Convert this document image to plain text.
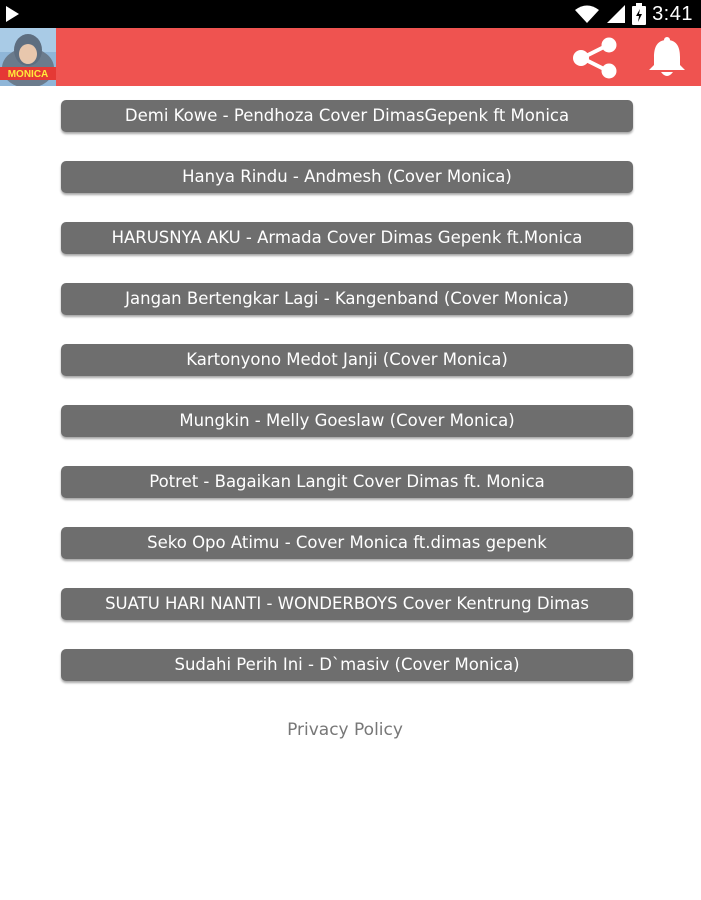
3:41
MONICA
Demi Kowe - Pendhoza Cover DimasGepenk ft Monica
Hanya Rindu - Andmesh (Cover Monica)
HARUSNYA AKU - Armada Cover Dimas Gepenk ft.Monica
Jangan Bertengkar Lagi - Kangenband (Cover Monica)
Kartonyono Medot Janji (Cover Monica)
Mungkin - Melly Goeslaw (Cover Monica)
Potret - Bagaikan Langit Cover Dimas ft. Monica
Seko Opo Atimu - Cover Monica ft.dimas gepenk
SUATU HARI NANTI - WONDERBOYS Cover Kentrung Dimas
Sudahi Perih Ini - D`masiv (Cover Monica)
Privacy Policy
